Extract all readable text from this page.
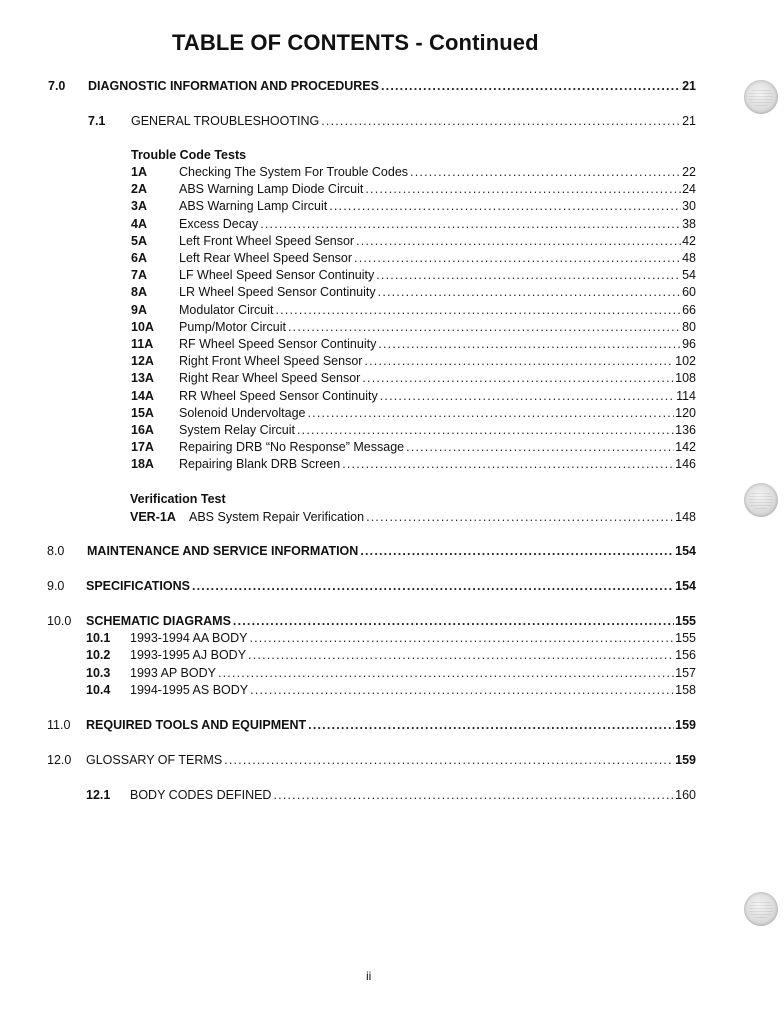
TABLE OF CONTENTS - Continued
7.0 DIAGNOSTIC INFORMATION AND PROCEDURES .....	21
7.1 GENERAL TROUBLESHOOTING .....	21
Trouble Code Tests
1A	Checking The System For Trouble Codes .....	22
2A	ABS Warning Lamp Diode Circuit .....	24
3A	ABS Warning Lamp Circuit .....	30
4A	Excess Decay .....	38
5A	Left Front Wheel Speed Sensor .....	42
6A	Left Rear Wheel Speed Sensor .....	48
7A	LF Wheel Speed Sensor Continuity .....	54
8A	LR Wheel Speed Sensor Continuity .....	60
9A	Modulator Circuit .....	66
10A Pump/Motor Circuit .....	80
11A RF Wheel Speed Sensor Continuity .....	96
12A Right Front Wheel Speed Sensor .....	102
13A Right Rear Wheel Speed Sensor .....	108
14A RR Wheel Speed Sensor Continuity .....	114
15A Solenoid Undervoltage .....	120
16A System Relay Circuit .....	136
17A Repairing DRB “No Response” Message .....	142
18A Repairing Blank DRB Screen .....	146
Verification Test
VER-1A ABS System Repair Verification .....	148
8.0 MAINTENANCE AND SERVICE INFORMATION .....	154
9.0 SPECIFICATIONS .....	154
10.0 SCHEMATIC DIAGRAMS .....	155
10.1 1993-1994 AA BODY .....	155
10.2 1993-1995 AJ BODY .....	156
10.3 1993 AP BODY .....	157
10.4 1994-1995 AS BODY .....	158
11.0 REQUIRED TOOLS AND EQUIPMENT .....	159
12.0 GLOSSARY OF TERMS .....	159
12.1 BODY CODES DEFINED .....	160
ii
